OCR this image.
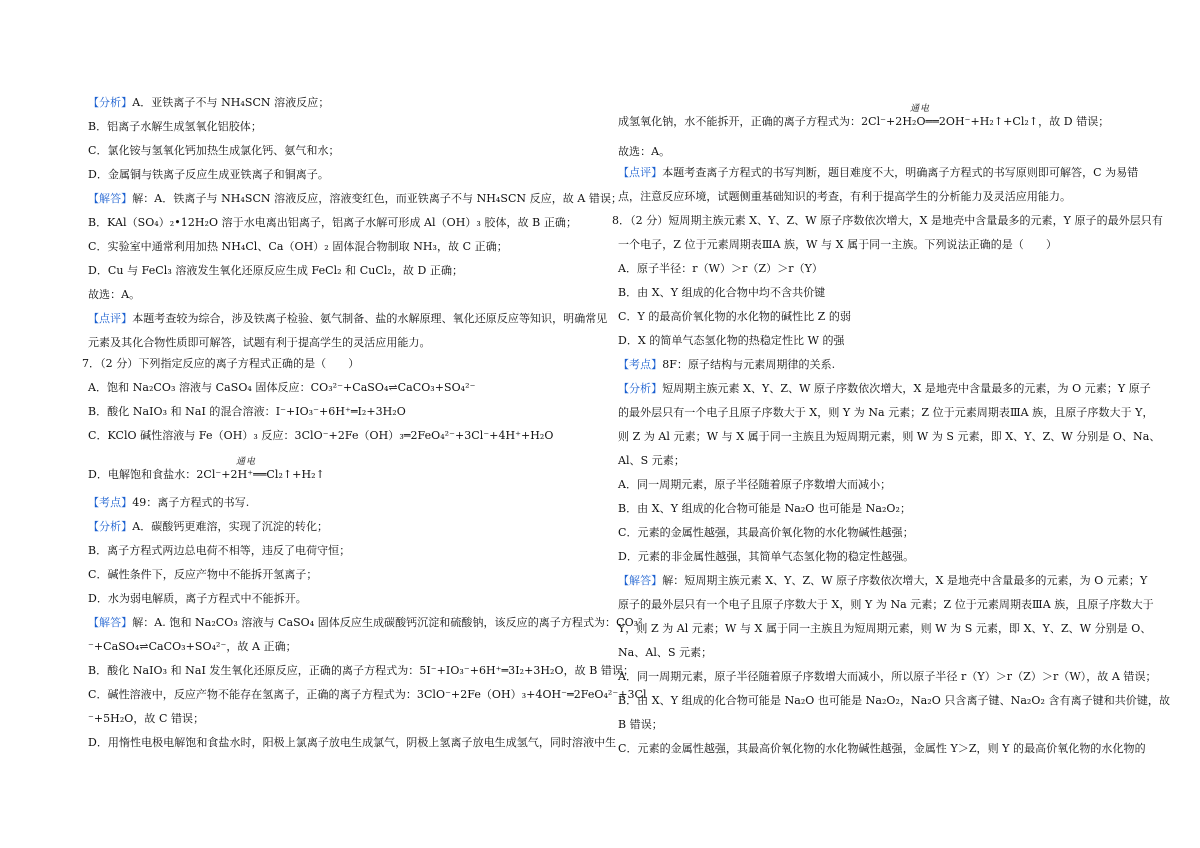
【分析】A．亚铁离子不与 NH₄SCN 溶液反应；
B．铝离子水解生成氢氧化铝胶体；
C．氯化铵与氢氧化钙加热生成氯化钙、氨气和水；
D．金属铜与铁离子反应生成亚铁离子和铜离子。
【解答】解：A．铁离子与 NH₄SCN 溶液反应，溶液变红色，而亚铁离子不与 NH₄SCN 反应，故 A 错误；
B．KAl（SO₄）₂•12H₂O 溶于水电离出铝离子，铝离子水解可形成 Al（OH）₃ 胶体，故 B 正确；
C．实验室中通常利用加热 NH₄Cl、Ca（OH）₂ 固体混合物制取 NH₃，故 C 正确；
D．Cu 与 FeCl₃ 溶液发生氧化还原反应生成 FeCl₂ 和 CuCl₂，故 D 正确；
故选：A。
【点评】本题考查较为综合，涉及铁离子检验、氨气制备、盐的水解原理、氧化还原反应等知识，明确常见
元素及其化合物性质即可解答，试题有利于提高学生的灵活应用能力。
7．（2 分）下列指定反应的离子方程式正确的是（　　）
A．饱和 Na₂CO₃ 溶液与 CaSO₄ 固体反应：CO₃²⁻+CaSO₄⇌CaCO₃+SO₄²⁻
B．酸化 NaIO₃ 和 NaI 的混合溶液：I⁻+IO₃⁻+6H⁺═I₂+3H₂O
C．KClO 碱性溶液与 Fe（OH）₃ 反应：3ClO⁻+2Fe（OH）₃═2FeO₄²⁻+3Cl⁻+4H⁺+H₂O
D．电解饱和食盐水：2Cl⁻+2H⁺══Cl₂↑+H₂↑
【考点】49：离子方程式的书写.
【分析】A．碳酸钙更难溶，实现了沉淀的转化；
B．离子方程式两边总电荷不相等，违反了电荷守恒；
C．碱性条件下，反应产物中不能拆开氢离子；
D．水为弱电解质，离子方程式中不能拆开。
【解答】解：A. 饱和 Na₂CO₃ 溶液与 CaSO₄ 固体反应生成碳酸钙沉淀和硫酸钠，该反应的离子方程式为：CO₃²
⁻+CaSO₄⇌CaCO₃+SO₄²⁻，故 A 正确；
B．酸化 NaIO₃ 和 NaI 发生氧化还原反应，正确的离子方程式为：5I⁻+IO₃⁻+6H⁺═3I₂+3H₂O，故 B 错误；
C．碱性溶液中，反应产物不能存在氢离子，正确的离子方程式为：3ClO⁻+2Fe（OH）₃+4OH⁻═2FeO₄²⁻+3Cl
⁻+5H₂O，故 C 错误；
D．用惰性电极电解饱和食盐水时，阳极上氯离子放电生成氯气，阴极上氢离子放电生成氢气，同时溶液中生
成氢氧化钠，水不能拆开，正确的离子方程式为：2Cl⁻+2H₂O══2OH⁻+H₂↑+Cl₂↑，故 D 错误；
故选：A。
【点评】本题考查离子方程式的书写判断，题目难度不大，明确离子方程式的书写原则即可解答，C 为易错
点，注意反应环境，试题侧重基础知识的考查，有利于提高学生的分析能力及灵活应用能力。
8．（2 分）短周期主族元素 X、Y、Z、W 原子序数依次增大，X 是地壳中含量最多的元素，Y 原子的最外层只有
一个电子，Z 位于元素周期表ⅢA 族，W 与 X 属于同一主族。下列说法正确的是（　　）
A．原子半径：r（W）＞r（Z）＞r（Y）
B．由 X、Y 组成的化合物中均不含共价键
C．Y 的最高价氧化物的水化物的碱性比 Z 的弱
D．X 的简单气态氢化物的热稳定性比 W 的强
【考点】8F：原子结构与元素周期律的关系.
【分析】短周期主族元素 X、Y、Z、W 原子序数依次增大，X 是地壳中含量最多的元素，为 O 元素；Y 原子
的最外层只有一个电子且原子序数大于 X，则 Y 为 Na 元素；Z 位于元素周期表ⅢA 族，且原子序数大于 Y，
则 Z 为 Al 元素；W 与 X 属于同一主族且为短周期元素，则 W 为 S 元素，即 X、Y、Z、W 分别是 O、Na、
Al、S 元素；
A．同一周期元素，原子半径随着原子序数增大而减小；
B．由 X、Y 组成的化合物可能是 Na₂O 也可能是 Na₂O₂；
C．元素的金属性越强，其最高价氧化物的水化物碱性越强；
D．元素的非金属性越强，其简单气态氢化物的稳定性越强。
【解答】解：短周期主族元素 X、Y、Z、W 原子序数依次增大，X 是地壳中含量最多的元素，为 O 元素；Y
原子的最外层只有一个电子且原子序数大于 X，则 Y 为 Na 元素；Z 位于元素周期表ⅢA 族，且原子序数大于
Y，则 Z 为 Al 元素；W 与 X 属于同一主族且为短周期元素，则 W 为 S 元素，即 X、Y、Z、W 分别是 O、
Na、Al、S 元素；
A．同一周期元素，原子半径随着原子序数增大而减小，所以原子半径 r（Y）＞r（Z）＞r（W），故 A 错误；
B．由 X、Y 组成的化合物可能是 Na₂O 也可能是 Na₂O₂，Na₂O 只含离子键、Na₂O₂ 含有离子键和共价键，故
B 错误；
C．元素的金属性越强，其最高价氧化物的水化物碱性越强，金属性 Y＞Z，则 Y 的最高价氧化物的水化物的
通电
通电
